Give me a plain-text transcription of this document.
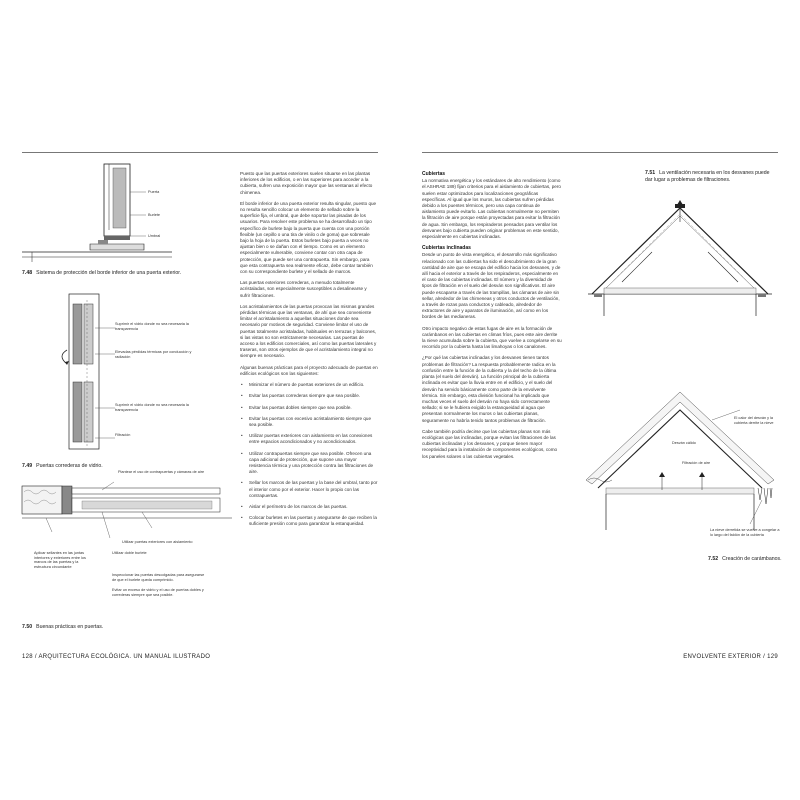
Puerta
Burlete
Umbral
7.48 Sistema de protección del borde inferior de una puerta exterior.
Suprimir el vidrio donde no sea necesaria la transparencia
Elevadas pérdidas térmicas por conducción y radiación
Suprimir el vidrio donde no sea necesaria la transparencia
Filtración
7.49 Puertas correderas de vidrio.
Plantear el uso de contrapuertas y cámaras de aire
Aplicar sellantes en las juntas interiores y exteriores entre los marcos de las puertas y la estructura circundante
Utilizar puertas exteriores con aislamiento
Utilizar doble burlete
Inspeccionar las puertas descolgadas para asegurarse de que el burlete queda comprimido.
Evitar un exceso de vidrio y el uso de puertas dobles y correderas siempre que sea posible.
7.50 Buenas prácticas en puertas.

Puesto que las puertas exteriores suelen situarse en las plantas inferiores de los edificios, o en las superiores para acceder a la cubierta, sufren una exposición mayor que las ventanas al efecto chimenea.

El borde inferior de una puerta exterior resulta singular, puesto que no resulta sencillo colocar un elemento de sellado sobre la superficie fija, el umbral, que debe soportar las pisadas de los usuarios. Para resolver este problema se ha desarrollado un tipo específico de burlete bajo la puerta que cuenta con una porción flexible (un cepillo o una tira de vinilo o de goma) que sobresale bajo la hoja de la puerta. Estos burletes bajo puerta a veces no ajustan bien o se dañan con el tiempo. Como es un elemento especialmente vulnerable, conviene contar con otra capa de protección, que puede ser una contrapuerta. Sin embargo, para que esta contrapuerta sea realmente eficaz, debe contar también con su correspondiente burlete y el sellado de marcos.

Las puertas exteriores correderas, a menudo totalmente acristaladas, son especialmente susceptibles a desalinearse y sufrir filtraciones.

Los acristalamientos de las puertas provocan las mismas grandes pérdidas térmicas que las ventanas, de ahí que sea conveniente limitar el acristalamiento a aquellas situaciones donde sea necesario por motivos de seguridad. Conviene limitar el uso de puertas totalmente acristaladas, habituales en terrazas y balcones, si las vistas no son estrictamente necesarias. Las puertas de acceso a los edificios comerciales, así como las puertas laterales y traseras, son otros ejemplos de que el acristalamiento integral no siempre es necesario.

Algunas buenas prácticas para el proyecto adecuado de puertas en edificios ecológicos son las siguientes:

• Minimizar el número de puertas exteriores de un edificio.
• Evitar las puertas correderas siempre que sea posible.
• Evitar las puertas dobles siempre que sea posible.
• Evitar las puertas con excesivo acristalamiento siempre que sea posible.
• Utilizar puertas exteriores con aislamiento en las conexiones entre espacios acondicionados y no acondicionados.
• Utilizar contrapuertas siempre que sea posible. Ofrecen una capa adicional de protección, que supone una mayor resistencia térmica y una protección contra las filtraciones de aire.
• Sellar los marcos de las puertas y la base del umbral, tanto por el interior como por el exterior. Hacer lo propio con las contrapuertas.
• Aislar el perímetro de los marcos de las puertas.
• Colocar burletes en las puertas y asegurarse de que reciben la suficiente presión como para garantizar la estanqueidad.
Cubiertas

La normativa energética y los estándares de alto rendimiento (como el ASHRAE 189) fijan criterios para el aislamiento de cubiertas, pero suelen estar optimizados para localizaciones geográficas específicas. Al igual que los muros, las cubiertas sufren pérdidas debido a los puentes térmicos, pero una capa continua de aislamiento puede evitarlo. Las cubiertas normalmente no permiten la filtración de aire porque están proyectadas para evitar la filtración de agua. Sin embargo, los respiraderos pensados para ventilar los desvanes bajo cubierta pueden originar problemas en este sentido, especialmente en cubiertas inclinadas.

Cubiertas inclinadas

Desde un punto de vista energético, el desarrollo más significativo relacionado con las cubiertas ha sido el descubrimiento de la gran cantidad de aire que se escapa del edificio hacia los desvanes, y de allí hacia el exterior a través de los respiraderos, especialmente en el caso de las cubiertas inclinadas. El número y la diversidad de tipos de filtración en el suelo del desván son significativos. El aire puede escaparse a través de las trampillas, las cámaras de aire sin sellar, alrededor de las chimeneas y otros conductos de ventilación, a través de rozas para conductos y cableado, alrededor de extractores de aire y aparatos de iluminación, así como en los bordes de las medianeras.

Otro impacto negativo de estas fugas de aire es la formación de carámbanos en las cubiertas en climas fríos, pues este aire derrite la nieve acumulada sobre la cubierta, que vuelve a congelarse en su recorrido por la cubierta hasta las limahoyas o los canalones.

¿Por qué las cubiertas inclinadas y los desvanes tienen tantos problemas de filtración? La respuesta probablemente radica en la confusión entre la función de la cubierta y la del techo de la última planta (el suelo del desván). La función principal de la cubierta inclinada es evitar que la lluvia entre en el edificio, y el suelo del desván ha servido básicamente como parte de la envolvente térmica. Sin embargo, esta división funcional ha implicado que muchas veces el suelo del desván no haya sido correctamente sellado; si se le hubiera exigido la estanqueidad al agua que presentan normalmente los muros o las cubiertas planas, seguramente no habría tenido tantos problemas de filtración.

Cabe también podría decirse que las cubiertas planas son más ecológicas que las inclinadas, porque evitan las filtraciones de las cubiertas inclinadas y los desvanes, y porque tienen mayor receptividad para la instalación de componentes ecológicos, como los paneles solares o las cubiertas vegetales.

7.51 La ventilación necesaria en los desvanes puede dar lugar a problemas de filtraciones.
El calor del desván y la cubierta derrite la nieve
Desván cálido
Filtración de aire
La nieve derretida se vuelve a congelar a lo largo del faldón de la cubierta
7.52 Creación de carámbanos.
128 / ARQUITECTURA ECOLÓGICA. UN MANUAL ILUSTRADO	ENVOLVENTE EXTERIOR / 129
